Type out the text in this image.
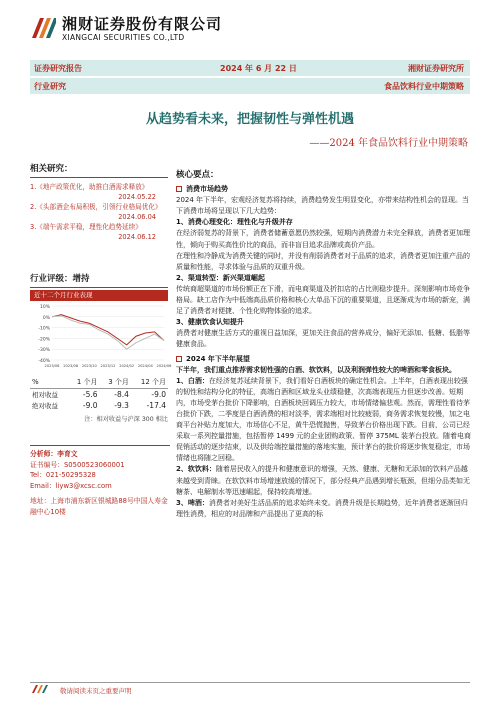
湘财证券股份有限公司
XIANGCAI SECURITIES CO.,LTD
证券研究报告	2024 年 6 月 22 日	湘财证券研究所
行业研究	食品饮料行业中期策略
从趋势看未来，把握韧性与弹性机遇
——2024 年食品饮料行业中期策略
相关研究：
1.《地产政策优化，助推白酒需求释放》
2024.05.22
2.《头部酒企布局积极，引领行业格局优化》
2024.06.04
3.《端午需求平稳，理性化趋势延续》
2024.06.12
行业评级：增持
10%
0%
-10%
-20%
-30%
-40%
2023/06 2023/08 2023/10 2023/12 2024/02 2024/04 2024/06
近十二个月行业表现
%	1 个月	3 个月	12 个月
相对收益	-5.6	-8.4	-9.0
绝对收益	-9.0	-9.3	-17.4
注：相对收益与沪深 300 相比
分析师：李育文
证书编号：S0500523060001
Tel：021-50295328
Email：liyw3@xcsc.com
地址：上海市浦东新区银城路88号中国人寿金融中心10楼
核心要点：
消费市场趋势
2024 年下半年，宏观经济复苏将持续，消费趋势发生明显变化，亦带来结构性机会的显现。当下消费市场将呈现以下几大趋势：
1、消费心理变化：理性化与升级并存
在经济弱复苏的背景下，消费者储蓄意愿仍然较强，短期内消费潜力未完全释放，消费者更加理性，倾向于购买高性价比的商品，而非盲目追求品牌或高价产品。
在理性和冷静成为消费关键的同时，并没有削弱消费者对于品质的追求，消费者更加注重产品的质量和性能，寻求体验与品质的双重升级。
2、渠道转型：新兴渠道崛起
传统商超渠道的市场份额正在下滑，而电商渠道及折扣店的占比则稳步提升。深刻影响市场竞争格局。缺工店作为中低端高品质价格和核心大单品下沉的重要渠道，且逐渐成为市场的新宠，满足了消费者对便捷、个性化购物体验的追求。
3、健康饮食认知提升
消费者对健康生活方式的重视日益加深，更加关注食品的营养成分，偏好无添加、低糖、低脂等健康食品。
2024 年下半年展望
下半年，我们重点推荐需求韧性强的白酒、软饮料，以及利润弹性较大的啤酒和零食板块。
1、白酒：在经济复苏延续背景下，我们看好白酒板块的确定性机会。上半年，白酒表现出较强的韧性和结构分化的特征，高端白酒和区域龙头业绩稳健，次高端表现压力但逐步改善。短期内，市场受茅台批价下降影响，白酒板块回调压力较大，市场情绪偏悲观。然而，需理性看待茅台批价下跌，二季度是白酒消费的相对淡季，需求端相对比较疲弱，商务需求恢复较慢，加之电商平台补贴力度加大，市场信心不足，黄牛恐慌抛售，导致茅台价格出现下跌。目前，公司已经采取一系列控量措施，包括暂停 1499 元的企业团购政策、暂停 375ML 装茅台投放。随着电商促销活动的逐步结束，以及供给端控量措施的落地实施，预计茅台的批价将逐步恢复稳定，市场情绪也将随之回稳。
2、软饮料：随着居民收入的提升和健康意识的增强，天然、健康、无糖和无添加的饮料产品越来越受到青睐。在软饮料市场增速放缓的情况下，部分经典产品遇到增长瓶颈，但细分品类如无糖茶、电解制水等迅速崛起，保持较高增速。
3、啤酒：消费者对美好生活品质的追求始终未变。消费升级是长期趋势，近年消费者逐渐回归理性消费，相应的对品牌和产品提出了更高的标
敬请阅读末页之重要声明
